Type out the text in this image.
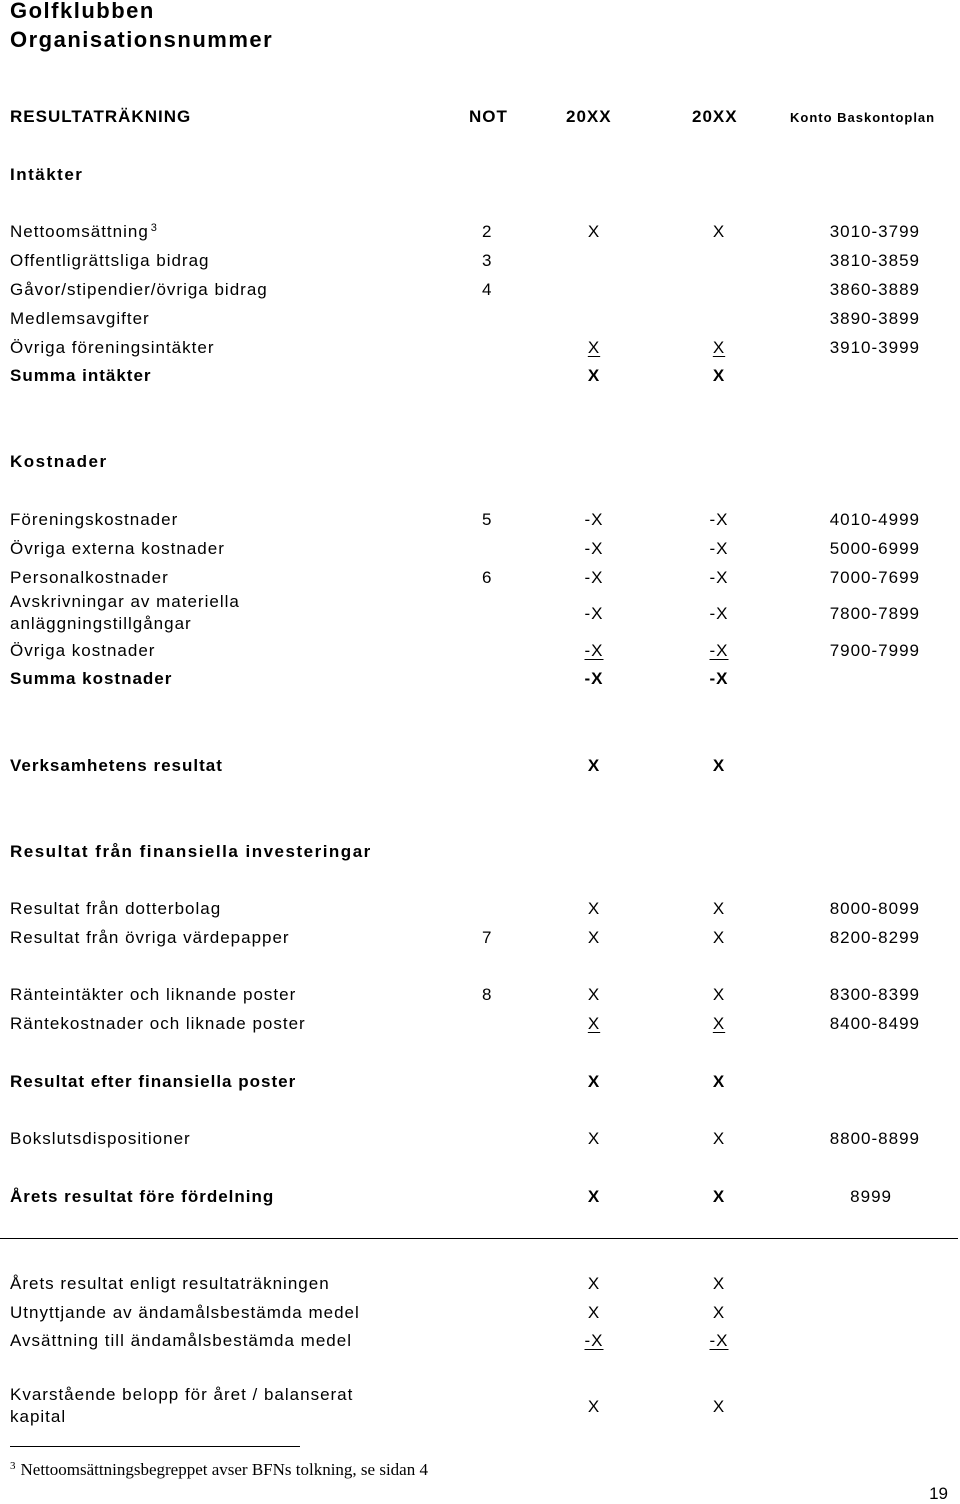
Golfklubben
Organisationsnummer
RESULTATRÄKNING	NOT	20XX	20XX	Konto Baskontoplan
Intäkter
Nettoomsättning $^3$	2	X	X	3010-3799
Offentligrättsliga bidrag	3	3810-3859
Gåvor/stipendier/övriga bidrag	4	3860-3889
Medlemsavgifter	3890-3899
Övriga föreningsintäkter	X	X	3910-3999
Summa intäkter	X	X
Kostnader
Föreningskostnader	5	-X	-X	4010-4999
Övriga externa kostnader	-X	-X	5000-6999
Personalkostnader	6	-X	-X	7000-7699
Avskrivningar av materiella
anläggningstillgångar
-X	-X	7800-7899
Övriga kostnader	-X	-X	7900-7999
Summa kostnader	-X	-X
Verksamhetens resultat	X	X
Resultat från finansiella investeringar
Resultat från dotterbolag	X	X	8000-8099
Resultat från övriga värdepapper	7	X	X	8200-8299
Ränteintäkter och liknande poster	8	X	X	8300-8399
Räntekostnader och liknade poster	X	X	8400-8499
Resultat efter finansiella poster	X	X
Bokslutsdispositioner	X	X	8800-8899
Årets resultat före fördelning	X	X	8999
Årets resultat enligt resultaträkningen	X	X
Utnyttjande av ändamålsbestämda medel	X	X
Avsättning till ändamålsbestämda medel	-X	-X
Kvarstående belopp för året / balanserat
kapital
X	X
$^3$ Nettoomsättningsbegreppet avser BFNs tolkning, se sidan 4
19
